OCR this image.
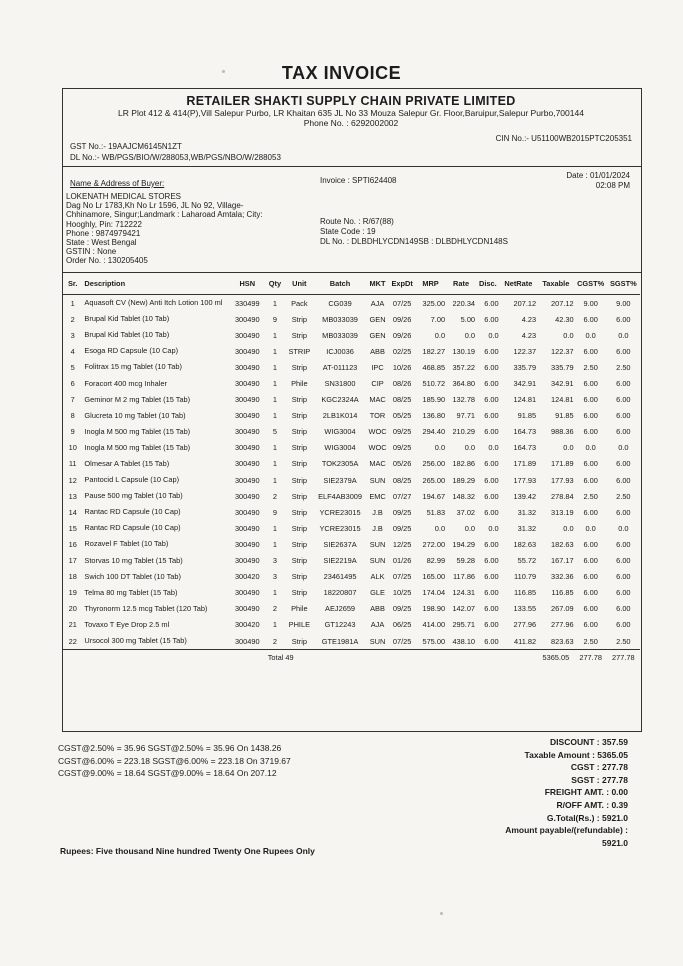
TAX INVOICE
RETAILER SHAKTI SUPPLY CHAIN PRIVATE LIMITED
LR Plot 412 & 414(P),Vill Salepur Purbo, LR Khaitan 635 JL No 33 Mouza Salepur Gr. Floor,Baruipur,Salepur Purbo,700144
Phone No. : 6292002002
GST No.:- 19AAJCM6145N1ZT
DL No.:- WB/PGS/BIO/W/288053,WB/PGS/NBO/W/288053
CIN No.:- U51100WB2015PTC205351
Name & Address of Buyer:
LOKENATH MEDICAL STORES
Dag No Lr 1783,Kh No Lr 1596, JL No 92, Village-
Chhinamore, Singur;Landmark : Laharoad Amtala; City:
Hooghly, Pin: 712222
Phone : 9874979421
State : West Bengal
GSTIN : None
Order No. : 130205405
Invoice : SPTI624408
Date : 01/01/2024
02:08 PM
Route No. : R/67(88)
State Code : 19
DL No. : DLBDHLYCDN149SB : DLBDHLYCDN148S
Sr.	Description	HSN	Qty	Unit	Batch	MKT	ExpDt	MRP	Rate	Disc.	NetRate	Taxable	CGST%	SGST%
1	Aquasoft CV (New) Anti Itch Lotion 100 ml	330499	1	Pack	CG039	AJA	07/25	325.00	220.34	6.00	207.12	207.12	9.00	9.00
2	Brupal Kid Tablet (10 Tab)	300490	9	Strip	MB033039	GEN	09/26	7.00	5.00	6.00	4.23	42.30	6.00	6.00
3	Brupal Kid Tablet (10 Tab)	300490	1	Strip	MB033039	GEN	09/26	0.0	0.0	0.0	4.23	0.0	0.0	0.0
4	Esoga RD Capsule (10 Cap)	300490	1	STRIP	ICJ0036	ABB	02/25	182.27	130.19	6.00	122.37	122.37	6.00	6.00
5	Folitrax 15 mg Tablet (10 Tab)	300490	1	Strip	AT-011123	IPC	10/26	468.85	357.22	6.00	335.79	335.79	2.50	2.50
6	Foracort 400 mcg Inhaler	300490	1	Phile	SN31800	CIP	08/26	510.72	364.80	6.00	342.91	342.91	6.00	6.00
7	Geminor M 2 mg Tablet (15 Tab)	300490	1	Strip	KGC2324A	MAC	08/25	185.90	132.78	6.00	124.81	124.81	6.00	6.00
8	Glucreta 10 mg Tablet (10 Tab)	300490	1	Strip	2LB1K014	TOR	05/25	136.80	97.71	6.00	91.85	91.85	6.00	6.00
9	Inogla M 500 mg Tablet (15 Tab)	300490	5	Strip	WIG3004	WOC	09/25	294.40	210.29	6.00	164.73	988.36	6.00	6.00
10	Inogla M 500 mg Tablet (15 Tab)	300490	1	Strip	WIG3004	WOC	09/25	0.0	0.0	0.0	164.73	0.0	0.0	0.0
11	Olmesar A Tablet (15 Tab)	300490	1	Strip	TOK2305A	MAC	05/26	256.00	182.86	6.00	171.89	171.89	6.00	6.00
12	Pantocid L Capsule (10 Cap)	300490	1	Strip	SIE2379A	SUN	08/25	265.00	189.29	6.00	177.93	177.93	6.00	6.00
13	Pause 500 mg Tablet (10 Tab)	300490	2	Strip	ELF4AB3009	EMC	07/27	194.67	148.32	6.00	139.42	278.84	2.50	2.50
14	Rantac RD Capsule (10 Cap)	300490	9	Strip	YCRE23015	J.B	09/25	51.83	37.02	6.00	31.32	313.19	6.00	6.00
15	Rantac RD Capsule (10 Cap)	300490	1	Strip	YCRE23015	J.B	09/25	0.0	0.0	0.0	31.32	0.0	0.0	0.0
16	Rozavel F Tablet (10 Tab)	300490	1	Strip	SIE2637A	SUN	12/25	272.00	194.29	6.00	182.63	182.63	6.00	6.00
17	Storvas 10 mg Tablet (15 Tab)	300490	3	Strip	SIE2219A	SUN	01/26	82.99	59.28	6.00	55.72	167.17	6.00	6.00
18	Swich 100 DT Tablet (10 Tab)	300420	3	Strip	23461495	ALK	07/25	165.00	117.86	6.00	110.79	332.36	6.00	6.00
19	Telma 80 mg Tablet (15 Tab)	300490	1	Strip	18220807	GLE	10/25	174.04	124.31	6.00	116.85	116.85	6.00	6.00
20	Thyronorm 12.5 mcg Tablet (120 Tab)	300490	2	Phile	AEJ2659	ABB	09/25	198.90	142.07	6.00	133.55	267.09	6.00	6.00
21	Tovaxo T Eye Drop 2.5 ml	300420	1	PHILE	GT12243	AJA	06/25	414.00	295.71	6.00	277.96	277.96	6.00	6.00
22	Ursocol 300 mg Tablet (15 Tab)	300490	2	Strip	GTE1981A	SUN	07/25	575.00	438.10	6.00	411.82	823.63	2.50	2.50
			Total	49								5365.05	277.78	277.78
CGST@2.50% = 35.96 SGST@2.50% = 35.96 On 1438.26
CGST@6.00% = 223.18 SGST@6.00% = 223.18 On 3719.67
CGST@9.00% = 18.64 SGST@9.00% = 18.64 On 207.12
DISCOUNT : 357.59
Taxable Amount : 5365.05
CGST : 277.78
SGST : 277.78
FREIGHT AMT. : 0.00
R/OFF AMT. : 0.39
G.Total(Rs.) : 5921.0
Amount payable/(refundable) :
5921.0
Rupees: Five thousand Nine hundred Twenty One Rupees Only
